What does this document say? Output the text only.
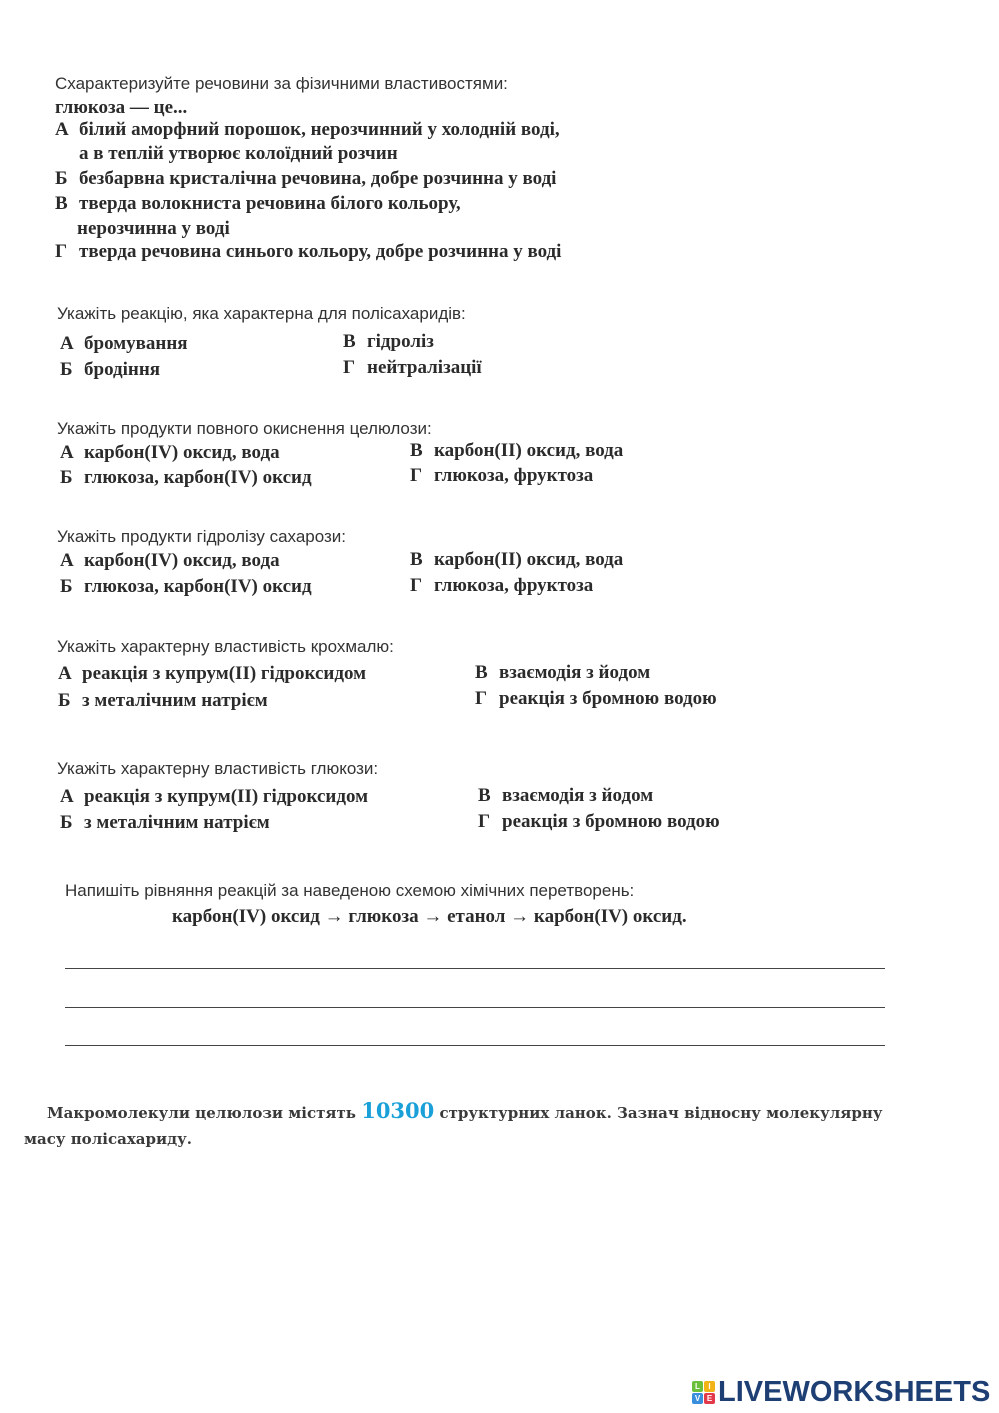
Схарактеризуйте речовини за фізичними властивостями:
глюкоза — це...
А білий аморфний порошок, нерозчинний у холодній воді,
а в теплій утворює колоїдний розчин
Б безбарвна кристалічна речовина, добре розчинна у воді
В тверда волокниста речовина білого кольору,
нерозчинна у воді
Г тверда речовина синього кольору, добре розчинна у воді
Укажіть реакцію, яка характерна для полісахаридів:
А бромування	В гідроліз
Б бродіння	Г нейтралізації
Укажіть продукти повного окиснення целюлози:
А карбон(IV) оксид, вода	В карбон(II) оксид, вода
Б глюкоза, карбон(IV) оксид	Г глюкоза, фруктоза
Укажіть продукти гідролізу сахарози:
А карбон(IV) оксид, вода	В карбон(II) оксид, вода
Б глюкоза, карбон(IV) оксид	Г глюкоза, фруктоза
Укажіть характерну властивість крохмалю:
А реакція з купрум(II) гідроксидом	В взаємодія з йодом
Б з металічним натрієм	Г реакція з бромною водою
Укажіть характерну властивість глюкози:
А реакція з купрум(II) гідроксидом	В взаємодія з йодом
Б з металічним натрієм	Г реакція з бромною водою
Напишіть рівняння реакцій за наведеною схемою хімічних перетворень:
карбон(IV) оксид → глюкоза → етанол → карбон(IV) оксид.
Макромолекули целюлози містять 10300 структурних ланок. Зазнач відносну молекулярну
масу полісахариду.
L	I
V E LIVEWORKSHEETS
